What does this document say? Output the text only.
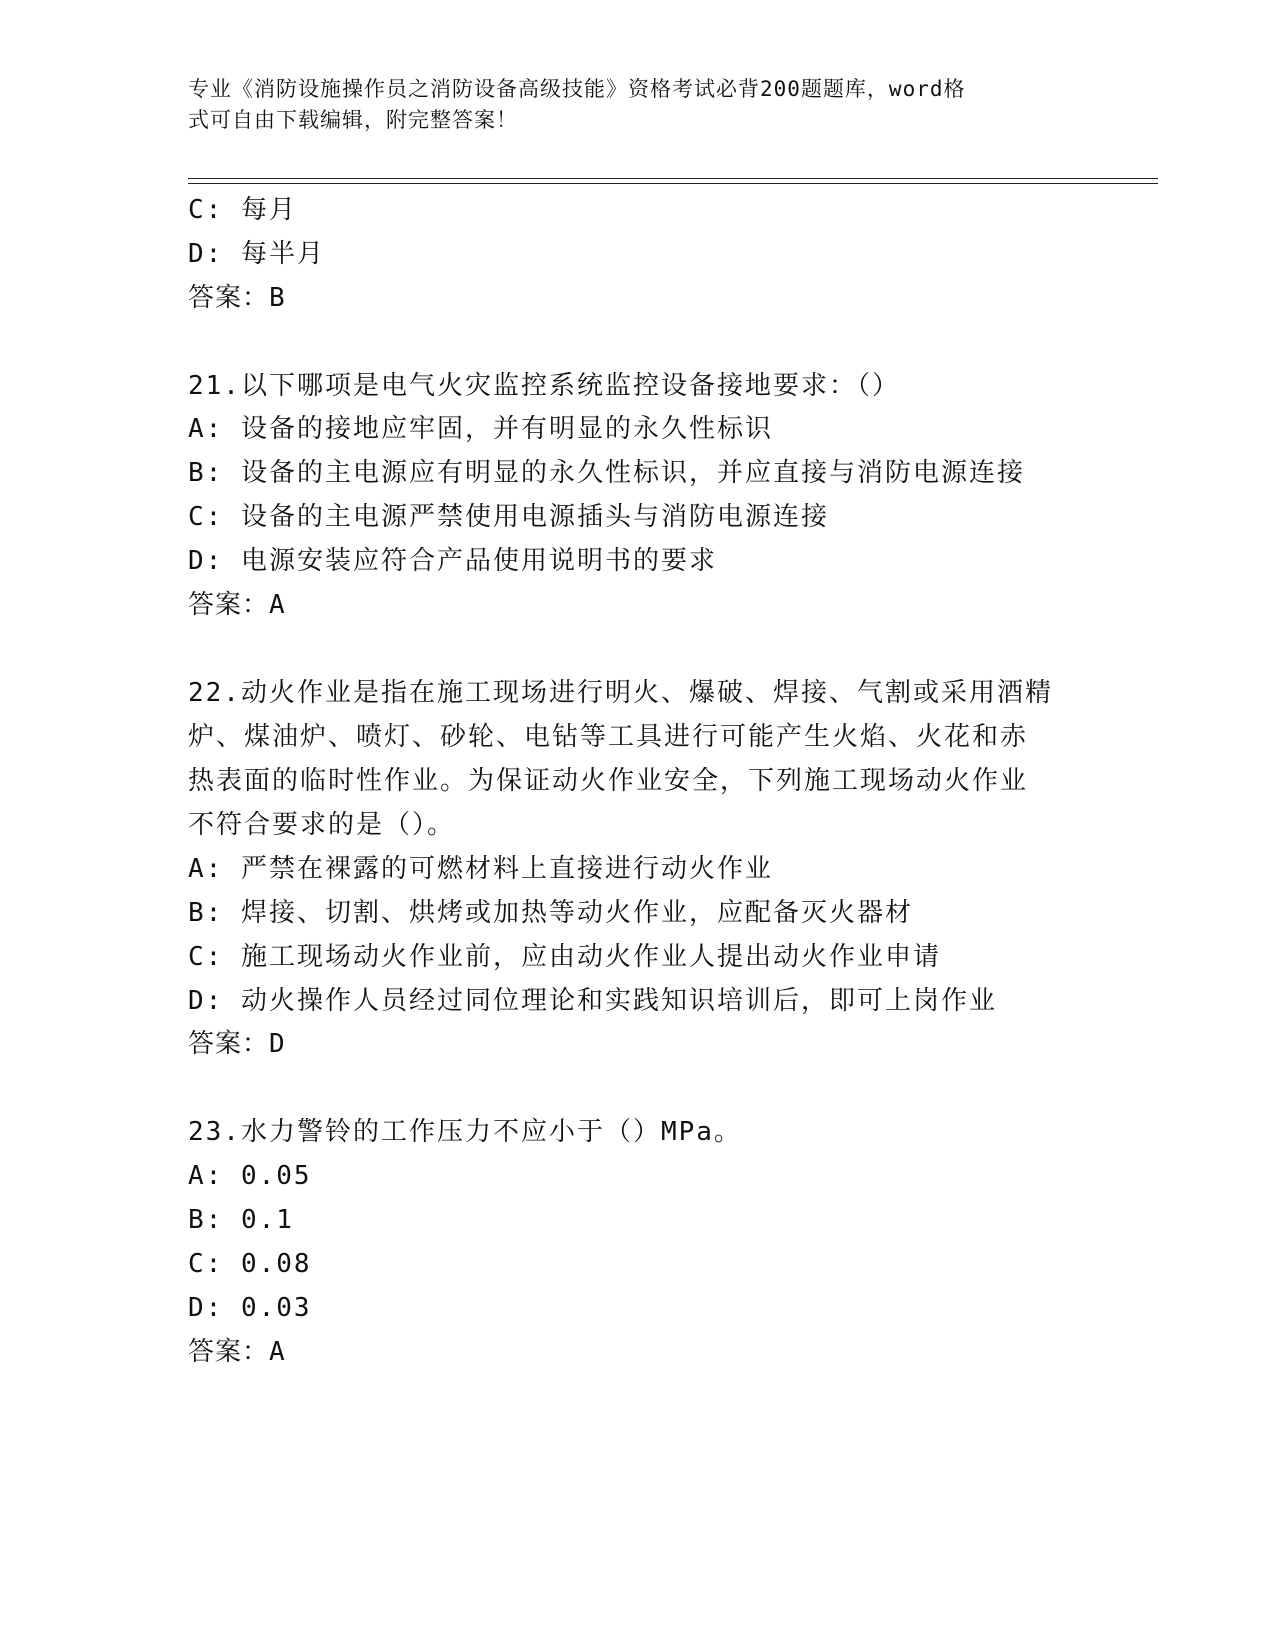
专业《消防设施操作员之消防设备高级技能》资格考试必背200题题库，word格
式可自由下载编辑，附完整答案！
C: 每月
D: 每半月
答案：B
21.以下哪项是电气火灾监控系统监控设备接地要求：（）
A: 设备的接地应牢固，并有明显的永久性标识
B: 设备的主电源应有明显的永久性标识，并应直接与消防电源连接
C: 设备的主电源严禁使用电源插头与消防电源连接
D: 电源安装应符合产品使用说明书的要求
答案：A
22.动火作业是指在施工现场进行明火、爆破、焊接、气割或采用酒精
炉、煤油炉、喷灯、砂轮、电钻等工具进行可能产生火焰、火花和赤
热表面的临时性作业。为保证动火作业安全，下列施工现场动火作业
不符合要求的是（）。
A: 严禁在裸露的可燃材料上直接进行动火作业
B: 焊接、切割、烘烤或加热等动火作业，应配备灭火器材
C: 施工现场动火作业前，应由动火作业人提出动火作业申请
D: 动火操作人员经过同位理论和实践知识培训后，即可上岗作业
答案：D
23.水力警铃的工作压力不应小于（）MPa。
A: 0.05
B: 0.1
C: 0.08
D: 0.03
答案：A
